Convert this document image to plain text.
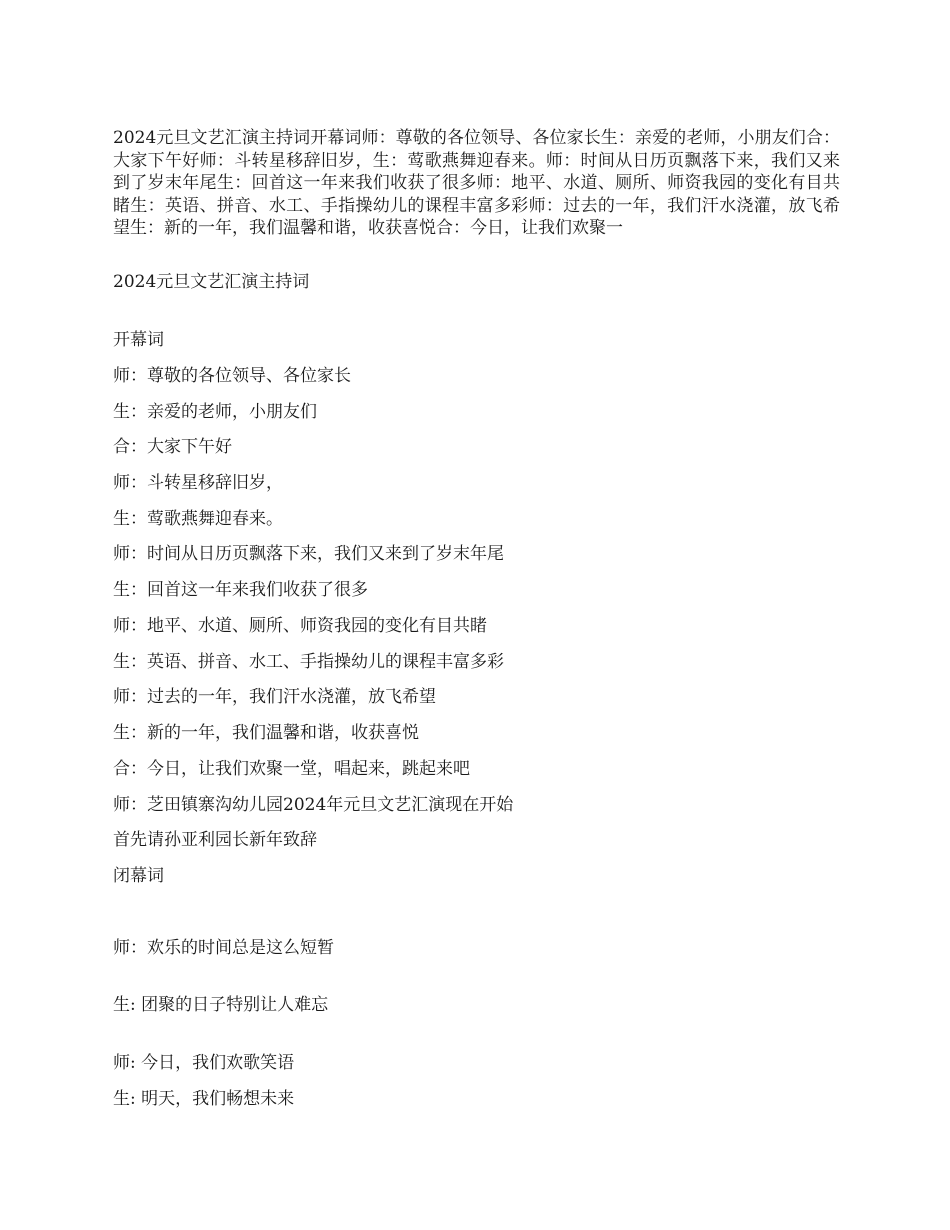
2024元旦文艺汇演主持词开幕词师：尊敬的各位领导、各位家长生：亲爱的老师，小朋友们合：大家下午好师：斗转星移辞旧岁，生：莺歌燕舞迎春来。师：时间从日历页飘落下来，我们又来到了岁末年尾生：回首这一年来我们收获了很多师：地平、水道、厕所、师资我园的变化有目共睹生：英语、拼音、水工、手指操幼儿的课程丰富多彩师：过去的一年，我们汗水浇灌，放飞希望生：新的一年，我们温馨和谐，收获喜悦合：今日，让我们欢聚一

2024元旦文艺汇演主持词

开幕词

师：尊敬的各位领导、各位家长

生：亲爱的老师，小朋友们

合：大家下午好

师：斗转星移辞旧岁，

生：莺歌燕舞迎春来。

师：时间从日历页飘落下来，我们又来到了岁末年尾

生：回首这一年来我们收获了很多

师：地平、水道、厕所、师资我园的变化有目共睹

生：英语、拼音、水工、手指操幼儿的课程丰富多彩

师：过去的一年，我们汗水浇灌，放飞希望

生：新的一年，我们温馨和谐，收获喜悦

合：今日，让我们欢聚一堂，唱起来，跳起来吧

师：芝田镇寨沟幼儿园2024年元旦文艺汇演现在开始

首先请孙亚利园长新年致辞

闭幕词

师：欢乐的时间总是这么短暂

生: 团聚的日子特别让人难忘

师: 今日，我们欢歌笑语

生: 明天，我们畅想未来
